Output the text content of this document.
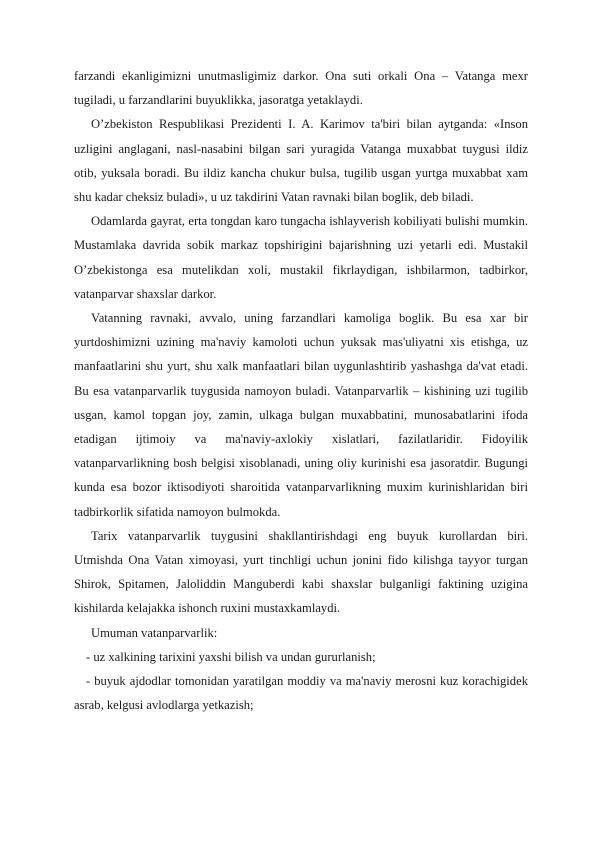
farzandi ekanligimizni unutmasligimiz darkor. Ona suti orkali Ona – Vatanga mexr tugiladi, u farzandlarini buyuklikka, jasoratga yetaklaydi.

O’zbekiston Respublikasi Prezidenti I. A. Karimov ta'biri bilan aytganda: «Inson uzligini anglagani, nasl-nasabini bilgan sari yuragida Vatanga muxabbat tuygusi ildiz otib, yuksala boradi. Bu ildiz kancha chukur bulsa, tugilib usgan yurtga muxabbat xam shu kadar cheksiz buladi», u uz takdirini Vatan ravnaki bilan boglik, deb biladi.

Odamlarda gayrat, erta tongdan karo tungacha ishlayverish kobiliyati bulishi mumkin. Mustamlaka davrida sobik markaz topshirigini bajarishning uzi yetarli edi. Mustakil O’zbekistonga esa mutelikdan xoli, mustakil fikrlaydigan, ishbilarmon, tadbirkor, vatanparvar shaxslar darkor.

Vatanning ravnaki, avvalo, uning farzandlari kamoliga boglik. Bu esa xar bir yurtdoshimizni uzining ma'naviy kamoloti uchun yuksak mas'uliyatni xis etishga, uz manfaatlarini shu yurt, shu xalk manfaatlari bilan uygunlashtirib yashashga da'vat etadi. Bu esa vatanparvarlik tuygusida namoyon buladi. Vatanparvarlik – kishining uzi tugilib usgan, kamol topgan joy, zamin, ulkaga bulgan muxabbatini, munosabatlarini ifoda etadigan ijtimoiy va ma'naviy-axlokiy xislatlari, fazilatlaridir. Fidoyilik vatanparvarlikning bosh belgisi xisoblanadi, uning oliy kurinishi esa jasoratdir. Bugungi kunda esa bozor iktisodiyoti sharoitida vatanparvarlikning muxim kurinishlaridan biri tadbirkorlik sifatida namoyon bulmokda.

Tarix vatanparvarlik tuygusini shakllantirishdagi eng buyuk kurollardan biri. Utmishda Ona Vatan ximoyasi, yurt tinchligi uchun jonini fido kilishga tayyor turgan Shirok, Spitamen, Jaloliddin Manguberdi kabi shaxslar bulganligi faktining uzigina kishilarda kelajakka ishonch ruxini mustaxkamlaydi.

Umuman vatanparvarlik:

- uz xalkining tarixini yaxshi bilish va undan gururlanish;

- buyuk ajdodlar tomonidan yaratilgan moddiy va ma'naviy merosni kuz korachigidek asrab, kelgusi avlodlarga yetkazish;
